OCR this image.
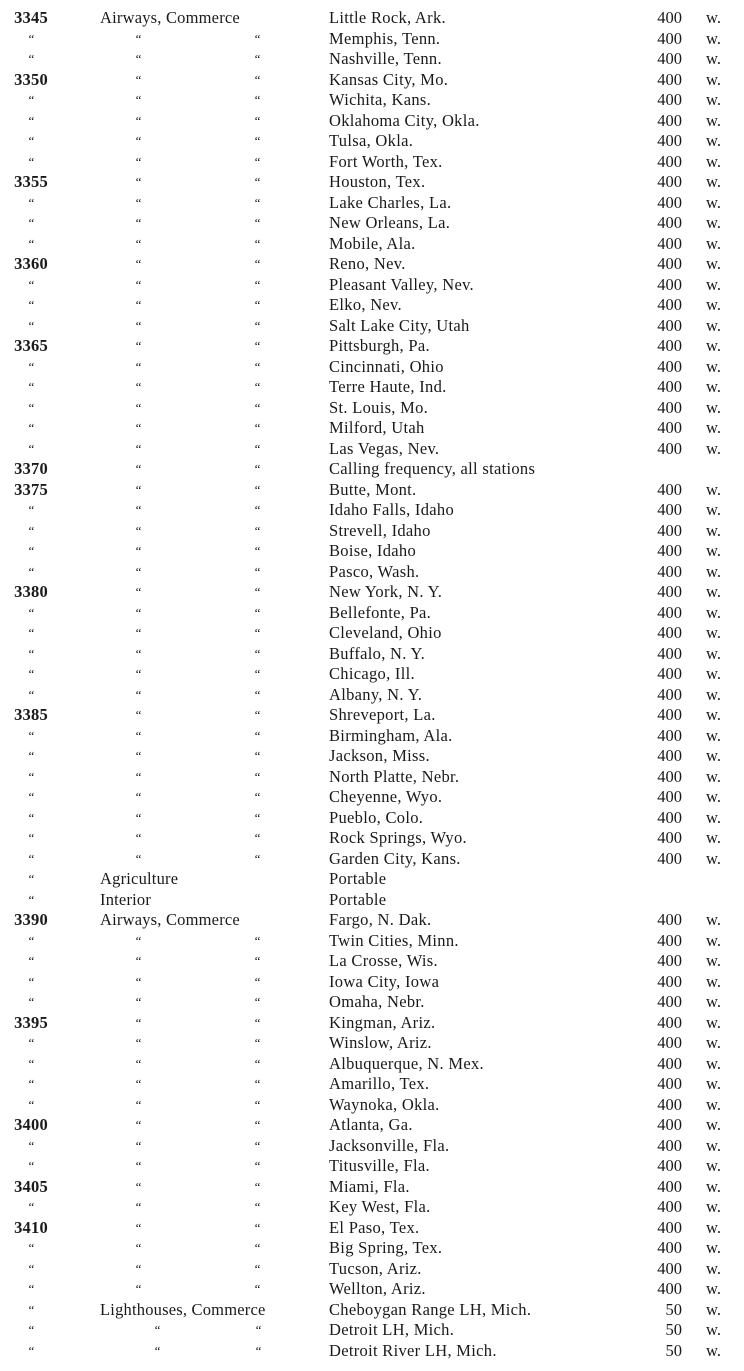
3345	Airways, Commerce	Little Rock, Ark.	400 w.
“	“	“	Memphis, Tenn.	400 w.
“	“	“	Nashville, Tenn.	400 w.
3350	“	“	Kansas City, Mo.	400 w.
“	“	“	Wichita, Kans.	400 w.
“	“	“	Oklahoma City, Okla.	400 w.
“	“	“	Tulsa, Okla.	400 w.
“	“	“	Fort Worth, Tex.	400 w.
3355	“	“	Houston, Tex.	400 w.
“	“	“	Lake Charles, La.	400 w.
“	“	“	New Orleans, La.	400 w.
“	“	“	Mobile, Ala.	400 w.
3360	“	“	Reno, Nev.	400 w.
“	“	“	Pleasant Valley, Nev.	400 w.
“	“	“	Elko, Nev.	400 w.
“	“	“	Salt Lake City, Utah	400 w.
3365	“	“	Pittsburgh, Pa.	400 w.
“	“	“	Cincinnati, Ohio	400 w.
“	“	“	Terre Haute, Ind.	400 w.
“	“	“	St. Louis, Mo.	400 w.
“	“	“	Milford, Utah	400 w.
“	“	“	Las Vegas, Nev.	400 w.
3370	“	“	Calling frequency, all stations
3375	“	“	Butte, Mont.	400 w.
“	“	“	Idaho Falls, Idaho	400 w.
“	“	“	Strevell, Idaho	400 w.
“	“	“	Boise, Idaho	400 w.
“	“	“	Pasco, Wash.	400 w.
3380	“	“	New York, N. Y.	400 w.
“	“	“	Bellefonte, Pa.	400 w.
“	“	“	Cleveland, Ohio	400 w.
“	“	“	Buffalo, N. Y.	400 w.
“	“	“	Chicago, Ill.	400 w.
“	“	“	Albany, N. Y.	400 w.
3385	“	“	Shreveport, La.	400 w.
“	“	“	Birmingham, Ala.	400 w.
“	“	“	Jackson, Miss.	400 w.
“	“	“	North Platte, Nebr.	400 w.
“	“	“	Cheyenne, Wyo.	400 w.
“	“	“	Pueblo, Colo.	400 w.
“	“	“	Rock Springs, Wyo.	400 w.
“	“	“	Garden City, Kans.	400 w.
“	Agriculture	Portable
“	Interior	Portable
3390	Airways, Commerce	Fargo, N. Dak.	400 w.
“	“	“	Twin Cities, Minn.	400 w.
“	“	“	La Crosse, Wis.	400 w.
“	“	“	Iowa City, Iowa	400 w.
“	“	“	Omaha, Nebr.	400 w.
3395	“	“	Kingman, Ariz.	400 w.
“	“	“	Winslow, Ariz.	400 w.
“	“	“	Albuquerque, N. Mex.	400 w.
“	“	“	Amarillo, Tex.	400 w.
“	“	“	Waynoka, Okla.	400 w.
3400	“	“	Atlanta, Ga.	400 w.
“	“	“	Jacksonville, Fla.	400 w.
“	“	“	Titusville, Fla.	400 w.
3405	“	“	Miami, Fla.	400 w.
“	“	“	Key West, Fla.	400 w.
3410	“	“	El Paso, Tex.	400 w.
“	“	“	Big Spring, Tex.	400 w.
“	“	“	Tucson, Ariz.	400 w.
“	“	“	Wellton, Ariz.	400 w.
“	Lighthouses, Commerce	Cheboygan Range LH, Mich.	50 w.
“	“	“	Detroit LH, Mich.	50 w.
“	“	“	Detroit River LH, Mich.	50 w.
